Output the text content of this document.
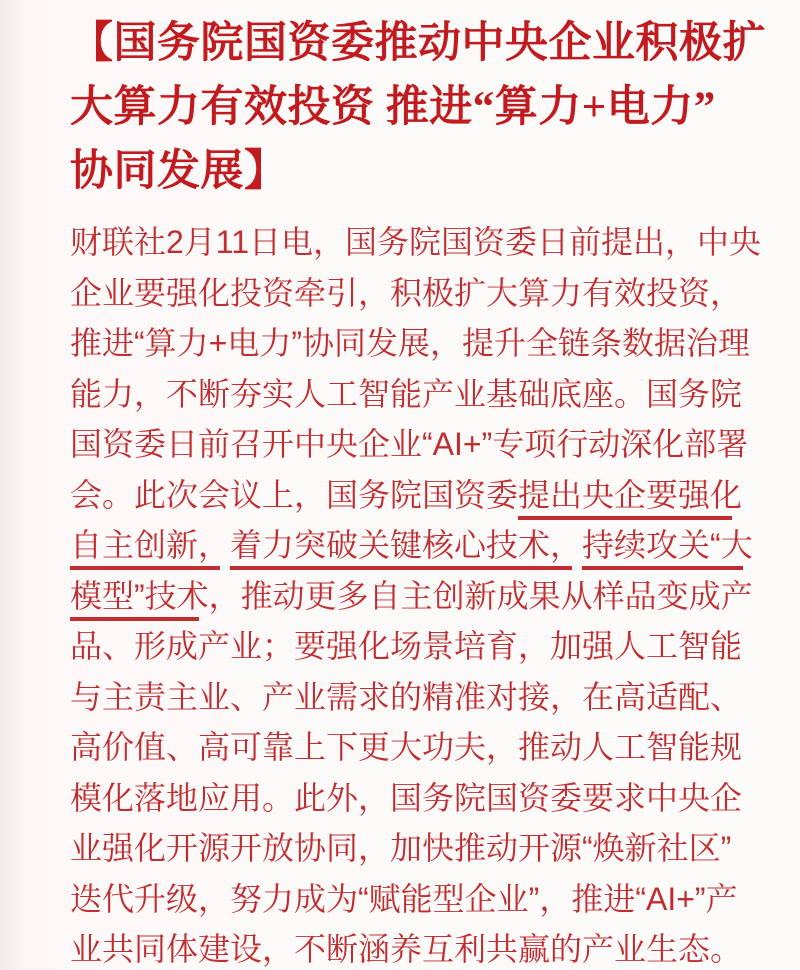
【国务院国资委推动中央企业积极扩
大算力有效投资 推进“算力+电力”
协同发展】
财联社2月11日电，国务院国资委日前提出，中央
企业要强化投资牵引，积极扩大算力有效投资，
推进“算力+电力”协同发展，提升全链条数据治理
能力，不断夯实人工智能产业基础底座。国务院
国资委日前召开中央企业“AI+”专项行动深化部署
会。此次会议上，国务院国资委提出央企要强化
自主创新，着力突破关键核心技术，持续攻关“大
模型”技术，推动更多自主创新成果从样品变成产
品、形成产业；要强化场景培育，加强人工智能
与主责主业、产业需求的精准对接，在高适配、
高价值、高可靠上下更大功夫，推动人工智能规
模化落地应用。此外，国务院国资委要求中央企
业强化开源开放协同，加快推动开源“焕新社区”
迭代升级，努力成为“赋能型企业”，推进“AI+”产
业共同体建设，不断涵养互利共赢的产业生态。
